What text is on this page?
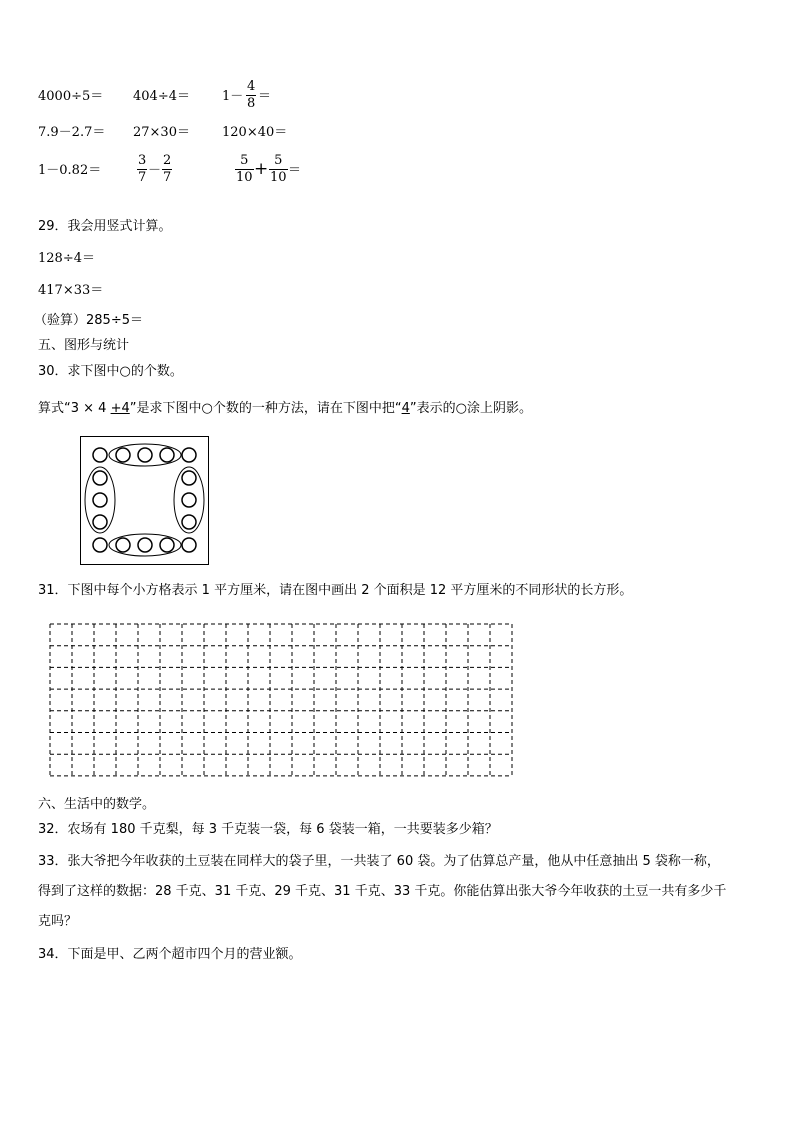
4000÷5＝ 404÷4＝ 1－
4
8 ＝
7.9－2.7＝ 27×30＝ 120×40＝
1－0.82＝
3
7 －
2
7
5
10 + 5
10 ＝
29．我会用竖式计算。
128÷4＝
417×33＝
（验算）285÷5＝
五、图形与统计
30．求下图中○的个数。
算式“3 × 4 +4”是求下图中○个数的一种方法，请在下图中把“4”表示的○涂上阴影。
31．下图中每个小方格表示 1 平方厘米，请在图中画出 2 个面积是 12 平方厘米的不同形状的长方形。
六、生活中的数学。
32．农场有 180 千克梨，每 3 千克装一袋，每 6 袋装一箱，一共要装多少箱？
33．张大爷把今年收获的土豆装在同样大的袋子里，一共装了 60 袋。为了估算总产量，他从中任意抽出 5 袋称一称，
得到了这样的数据：28 千克、31 千克、29 千克、31 千克、33 千克。你能估算出张大爷今年收获的土豆一共有多少千
克吗？
34．下面是甲、乙两个超市四个月的营业额。
